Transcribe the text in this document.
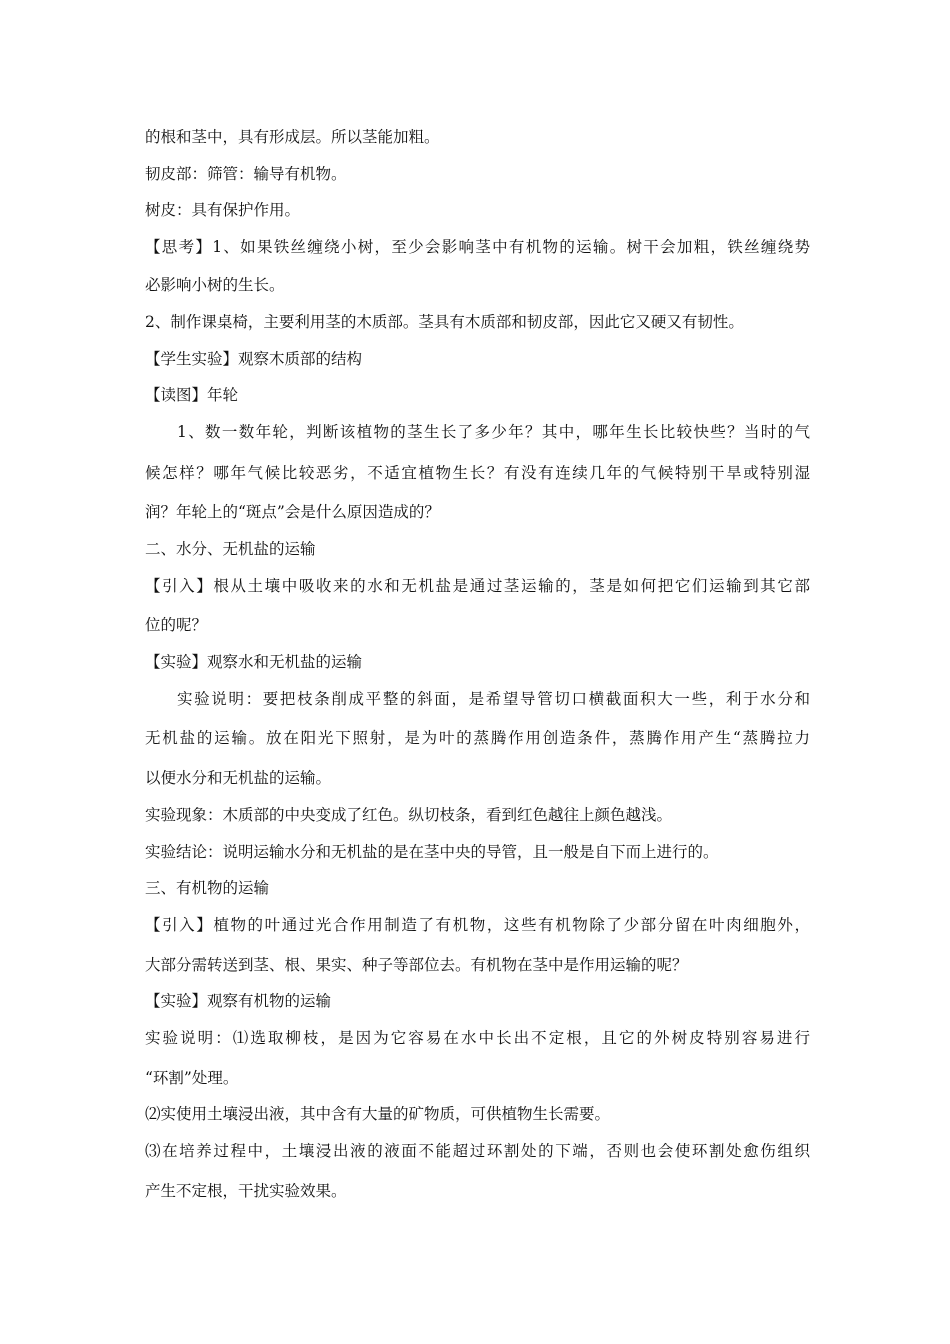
的根和茎中，具有形成层。所以茎能加粗。
韧皮部：筛管：输导有机物。
树皮：具有保护作用。
【思考】1、如果铁丝缠绕小树，至少会影响茎中有机物的运输。树干会加粗，铁丝缠绕势
必影响小树的生长。
2、制作课桌椅，主要利用茎的木质部。茎具有木质部和韧皮部，因此它又硬又有韧性。
【学生实验】观察木质部的结构
【读图】年轮
1、数一数年轮，判断该植物的茎生长了多少年？其中，哪年生长比较快些？当时的气
候怎样？哪年气候比较恶劣，不适宜植物生长？有没有连续几年的气候特别干旱或特别湿
润？年轮上的“斑点”会是什么原因造成的？
二、水分、无机盐的运输
【引入】根从土壤中吸收来的水和无机盐是通过茎运输的，茎是如何把它们运输到其它部
位的呢？
【实验】观察水和无机盐的运输
实验说明：要把枝条削成平整的斜面，是希望导管切口横截面积大一些，利于水分和
无机盐的运输。放在阳光下照射，是为叶的蒸腾作用创造条件，蒸腾作用产生“蒸腾拉力
以便水分和无机盐的运输。
实验现象：木质部的中央变成了红色。纵切枝条，看到红色越往上颜色越浅。
实验结论：说明运输水分和无机盐的是在茎中央的导管，且一般是自下而上进行的。
三、有机物的运输
【引入】植物的叶通过光合作用制造了有机物，这些有机物除了少部分留在叶肉细胞外，
大部分需转送到茎、根、果实、种子等部位去。有机物在茎中是作用运输的呢？
【实验】观察有机物的运输
实验说明：⑴选取柳枝，是因为它容易在水中长出不定根，且它的外树皮特别容易进行
“环割”处理。
⑵实使用土壤浸出液，其中含有大量的矿物质，可供植物生长需要。
⑶在培养过程中，土壤浸出液的液面不能超过环割处的下端，否则也会使环割处愈伤组织
产生不定根，干扰实验效果。
